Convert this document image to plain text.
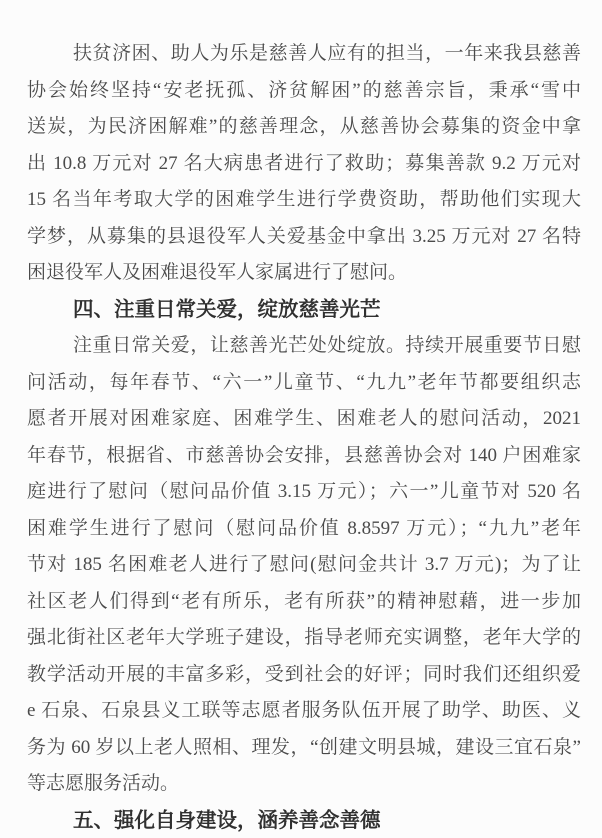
扶贫济困、助人为乐是慈善人应有的担当，一年来我县慈善
协会始终坚持“安老抚孤、济贫解困”的慈善宗旨，秉承“雪中
送炭，为民济困解难”的慈善理念，从慈善协会募集的资金中拿
出 10.8 万元对 27 名大病患者进行了救助；募集善款 9.2 万元对
15 名当年考取大学的困难学生进行学费资助，帮助他们实现大
学梦，从募集的县退役军人关爱基金中拿出 3.25 万元对 27 名特
困退役军人及困难退役军人家属进行了慰问。
四、注重日常关爱，绽放慈善光芒
注重日常关爱，让慈善光芒处处绽放。持续开展重要节日慰
问活动，每年春节、“六一”儿童节、“九九”老年节都要组织志
愿者开展对困难家庭、困难学生、困难老人的慰问活动，2021
年春节，根据省、市慈善协会安排，县慈善协会对 140 户困难家
庭进行了慰问（慰问品价值 3.15 万元）；六一”儿童节对 520 名
困难学生进行了慰问（慰问品价值 8.8597 万元）；“九九”老年
节对 185 名困难老人进行了慰问(慰问金共计 3.7 万元)；为了让
社区老人们得到“老有所乐，老有所获”的精神慰藉，进一步加
强北街社区老年大学班子建设，指导老师充实调整，老年大学的
教学活动开展的丰富多彩，受到社会的好评；同时我们还组织爱
e 石泉、石泉县义工联等志愿者服务队伍开展了助学、助医、义
务为 60 岁以上老人照相、理发，“创建文明县城，建设三宜石泉”
等志愿服务活动。
五、强化自身建设，涵养善念善德
